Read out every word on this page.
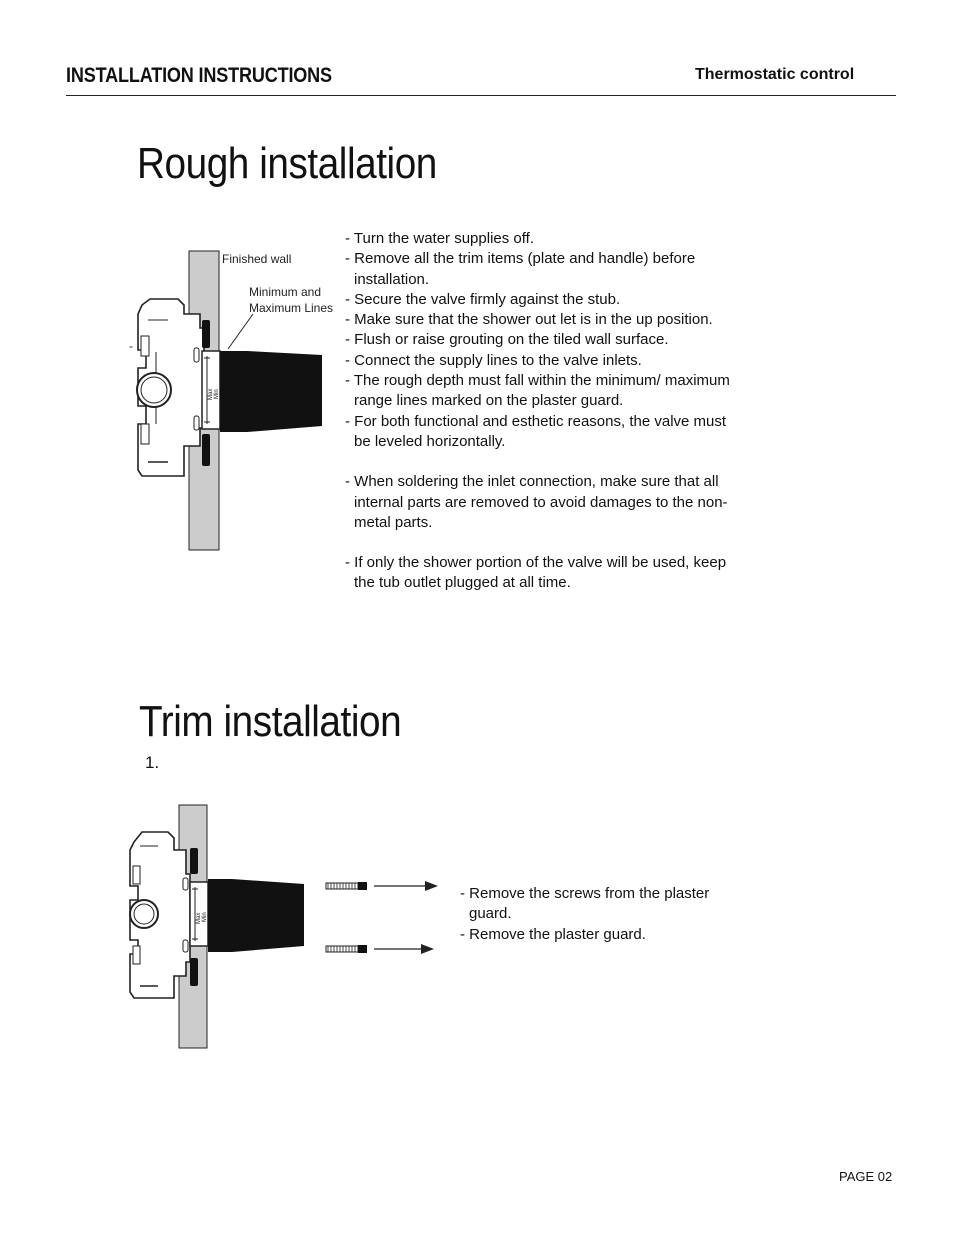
INSTALLATION INSTRUCTIONS	Thermostatic control
Rough installation
Max Min
Finished wall
Minimum and
Maximum Lines
-
- Turn the water supplies off.
- Remove all the trim items (plate and handle) before installation.
- Secure the valve firmly against the stub.
- Make sure that the shower out let is in the up position.
- Flush or raise grouting on the tiled wall surface.
- Connect the supply lines to the valve inlets.
- The rough depth must fall within the minimum/ maximum range lines marked on the plaster guard.
- For both functional and esthetic reasons, the valve must be leveled horizontally.
- When soldering the inlet connection, make sure that all internal parts are removed to avoid damages to the non-metal parts.
- If only the shower portion of the valve will be used, keep the tub outlet plugged at all time.
Trim installation
1.
Max Min
- Remove the screws from the plaster guard.
- Remove the plaster guard.
PAGE 02
